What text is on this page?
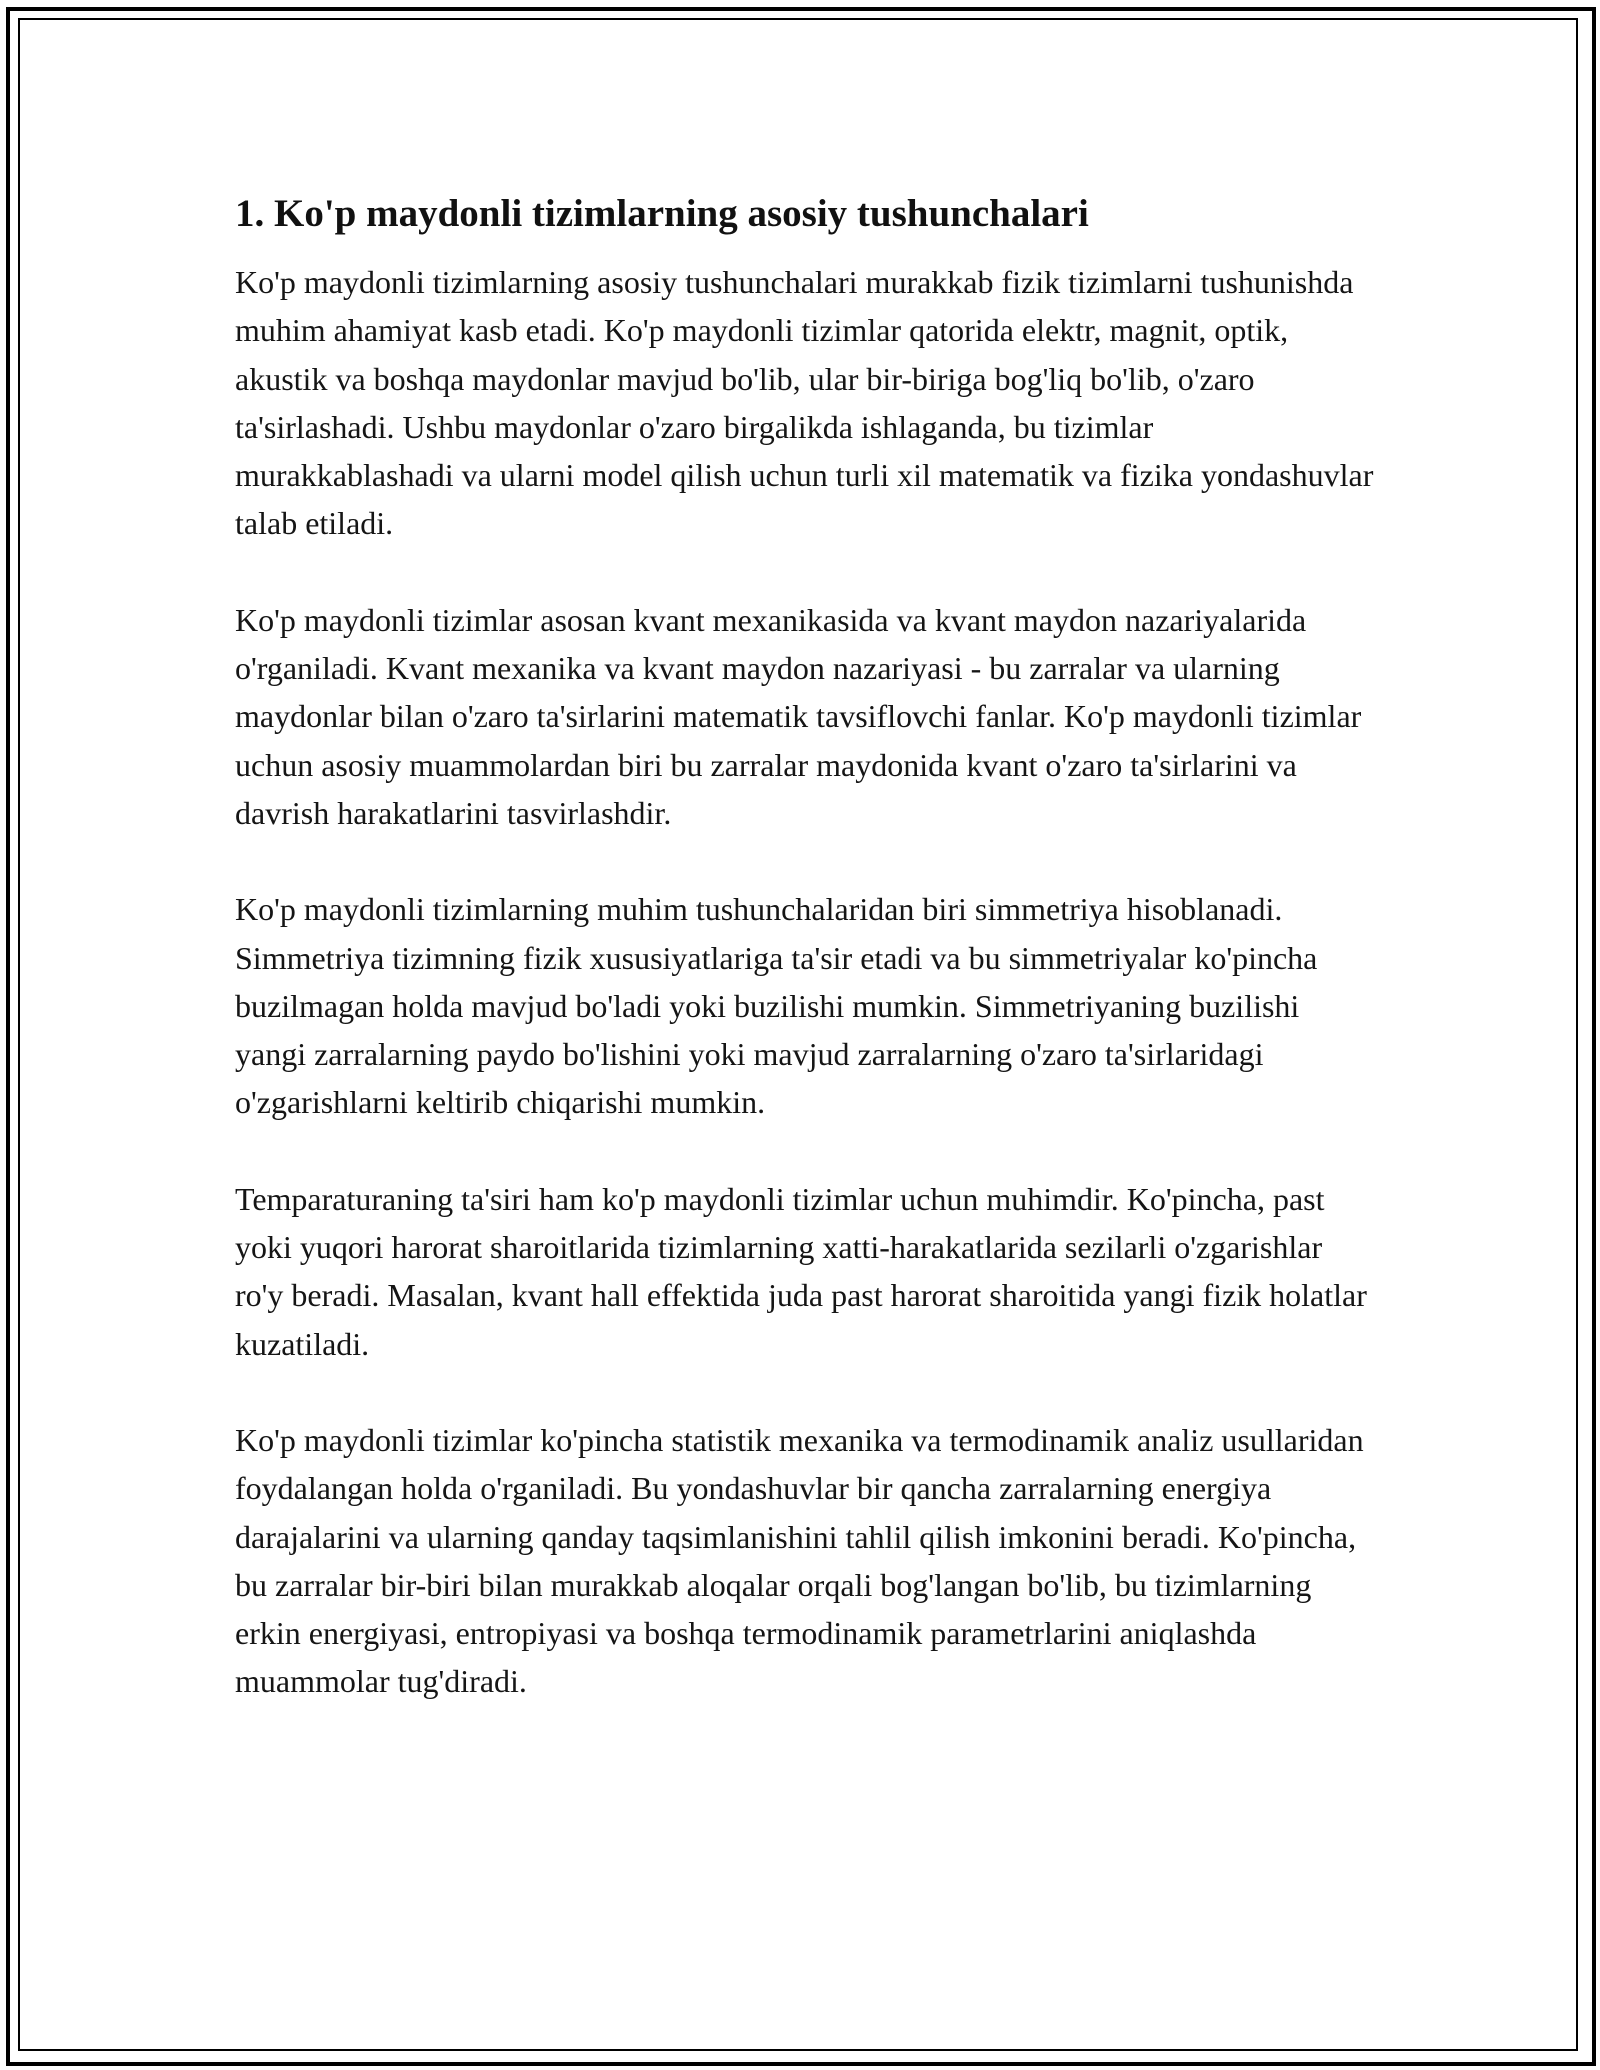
1. Ko'p maydonli tizimlarning asosiy tushunchalari

Ko'p maydonli tizimlarning asosiy tushunchalari murakkab fizik tizimlarni tushunishda muhim ahamiyat kasb etadi. Ko'p maydonli tizimlar qatorida elektr, magnit, optik, akustik va boshqa maydonlar mavjud bo'lib, ular bir-biriga bog'liq bo'lib, o'zaro ta'sirlashadi. Ushbu maydonlar o'zaro birgalikda ishlaganda, bu tizimlar murakkablashadi va ularni model qilish uchun turli xil matematik va fizika yondashuvlar talab etiladi.

Ko'p maydonli tizimlar asosan kvant mexanikasida va kvant maydon nazariyalarida o'rganiladi. Kvant mexanika va kvant maydon nazariyasi - bu zarralar va ularning maydonlar bilan o'zaro ta'sirlarini matematik tavsiflovchi fanlar. Ko'p maydonli tizimlar uchun asosiy muammolardan biri bu zarralar maydonida kvant o'zaro ta'sirlarini va davrish harakatlarini tasvirlashdir.

Ko'p maydonli tizimlarning muhim tushunchalaridan biri simmetriya hisoblanadi. Simmetriya tizimning fizik xususiyatlariga ta'sir etadi va bu simmetriyalar ko'pincha buzilmagan holda mavjud bo'ladi yoki buzilishi mumkin. Simmetriyaning buzilishi yangi zarralarning paydo bo'lishini yoki mavjud zarralarning o'zaro ta'sirlaridagi o'zgarishlarni keltirib chiqarishi mumkin.

Temparaturaning ta'siri ham ko'p maydonli tizimlar uchun muhimdir. Ko'pincha, past yoki yuqori harorat sharoitlarida tizimlarning xatti-harakatlarida sezilarli o'zgarishlar ro'y beradi. Masalan, kvant hall effektida juda past harorat sharoitida yangi fizik holatlar kuzatiladi.

Ko'p maydonli tizimlar ko'pincha statistik mexanika va termodinamik analiz usullaridan foydalangan holda o'rganiladi. Bu yondashuvlar bir qancha zarralarning energiya darajalarini va ularning qanday taqsimlanishini tahlil qilish imkonini beradi. Ko'pincha, bu zarralar bir-biri bilan murakkab aloqalar orqali bog'langan bo'lib, bu tizimlarning erkin energiyasi, entropiyasi va boshqa termodinamik parametrlarini aniqlashda muammolar tug'diradi.
